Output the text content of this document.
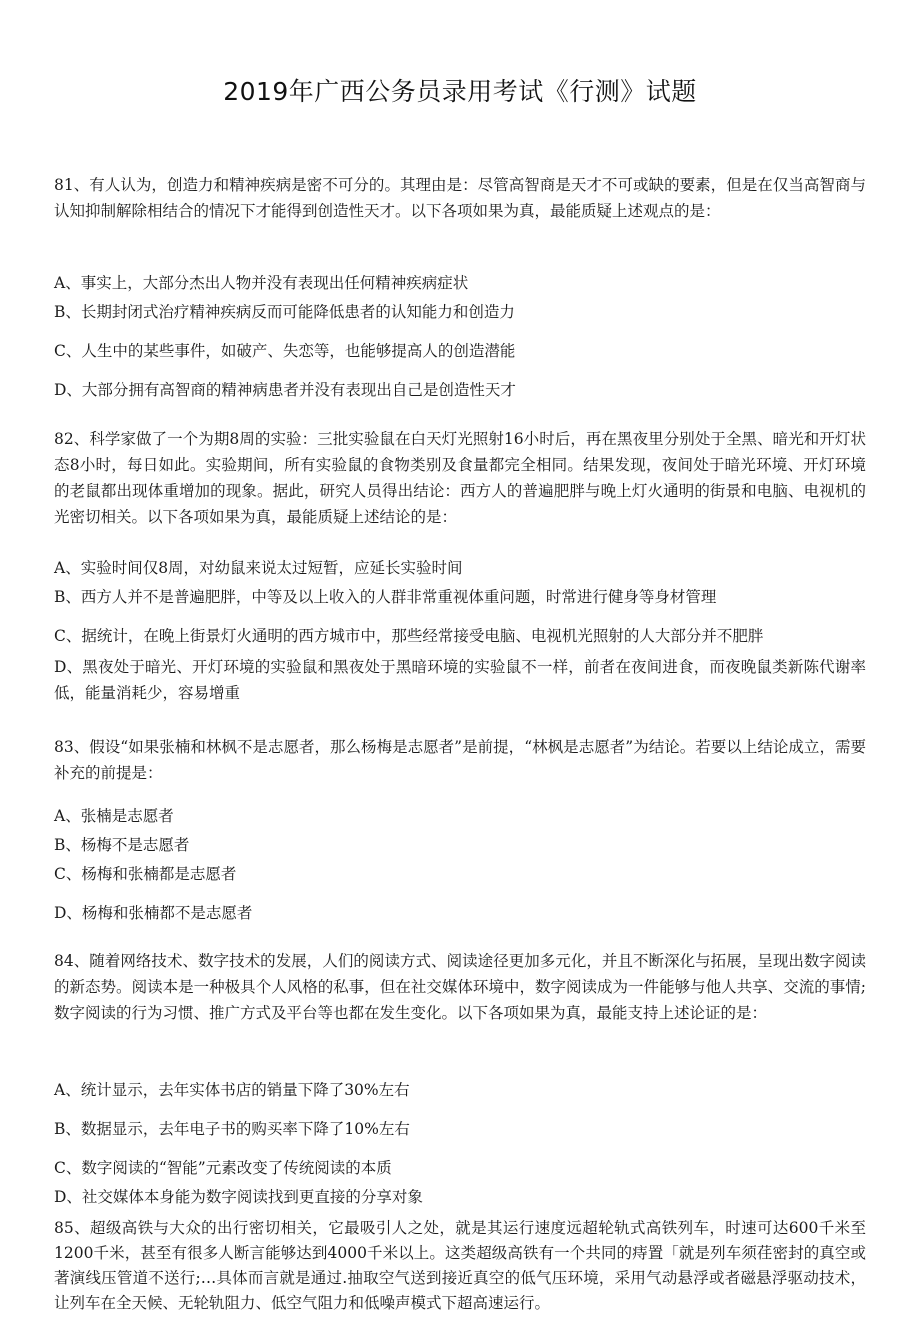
2019年广西公务员录用考试《行测》试题
81、有人认为，创造力和精神疾病是密不可分的。其理由是：尽管高智商是天才不可或缺的要素，但是在仅当高智商与认知抑制解除相结合的情况下才能得到创造性天才。以下各项如果为真，最能质疑上述观点的是：
A、事实上，大部分杰出人物并没有表现出任何精神疾病症状
B、长期封闭式治疗精神疾病反而可能降低患者的认知能力和创造力
C、人生中的某些事件，如破产、失恋等，也能够提高人的创造潜能
D、大部分拥有高智商的精神病患者并没有表现出自己是创造性天才
82、科学家做了一个为期8周的实验：三批实验鼠在白天灯光照射16小时后，再在黑夜里分别处于全黑、暗光和开灯状态8小时，每日如此。实验期间，所有实验鼠的食物类别及食量都完全相同。结果发现，夜间处于暗光环境、开灯环境的老鼠都出现体重增加的现象。据此，研究人员得出结论：西方人的普遍肥胖与晚上灯火通明的街景和电脑、电视机的光密切相关。以下各项如果为真，最能质疑上述结论的是：
A、实验时间仅8周，对幼鼠来说太过短暂，应延长实验时间
B、西方人并不是普遍肥胖，中等及以上收入的人群非常重视体重问题，时常进行健身等身材管理
C、据统计，在晚上街景灯火通明的西方城市中，那些经常接受电脑、电视机光照射的人大部分并不肥胖
D、黑夜处于暗光、开灯环境的实验鼠和黑夜处于黑暗环境的实验鼠不一样，前者在夜间进食，而夜晚鼠类新陈代谢率低，能量消耗少，容易增重
83、假设“如果张楠和林枫不是志愿者，那么杨梅是志愿者”是前提，“林枫是志愿者”为结论。若要以上结论成立，需要补充的前提是：
A、张楠是志愿者
B、杨梅不是志愿者
C、杨梅和张楠都是志愿者
D、杨梅和张楠都不是志愿者
84、随着网络技术、数字技术的发展，人们的阅读方式、阅读途径更加多元化，并且不断深化与拓展，呈现出数字阅读的新态势。阅读本是一种极具个人风格的私事，但在社交媒体环境中，数字阅读成为一件能够与他人共享、交流的事情;数字阅读的行为习惯、推广方式及平台等也都在发生变化。以下各项如果为真，最能支持上述论证的是：
A、统计显示，去年实体书店的销量下降了30%左右
B、数据显示，去年电子书的购买率下降了10%左右
C、数字阅读的“智能”元素改变了传统阅读的本质
D、社交媒体本身能为数字阅读找到更直接的分享对象
85、超级高铁与大众的出行密切相关，它最吸引人之处，就是其运行速度远超轮轨式高铁列车，时速可达600千米至1200千米，甚至有很多人断言能够达到4000千米以上。这类超级高铁有一个共同的痔置「就是列车须荏密封的真空或著演线压管道不送行;…具体而言就是通过.抽取空气送到接近真空的低气压环境，采用气动悬浮或者磁悬浮驱动技术，让列车在全天候、无轮轨阻力、低空气阻力和低噪声模式下超高速运行。
